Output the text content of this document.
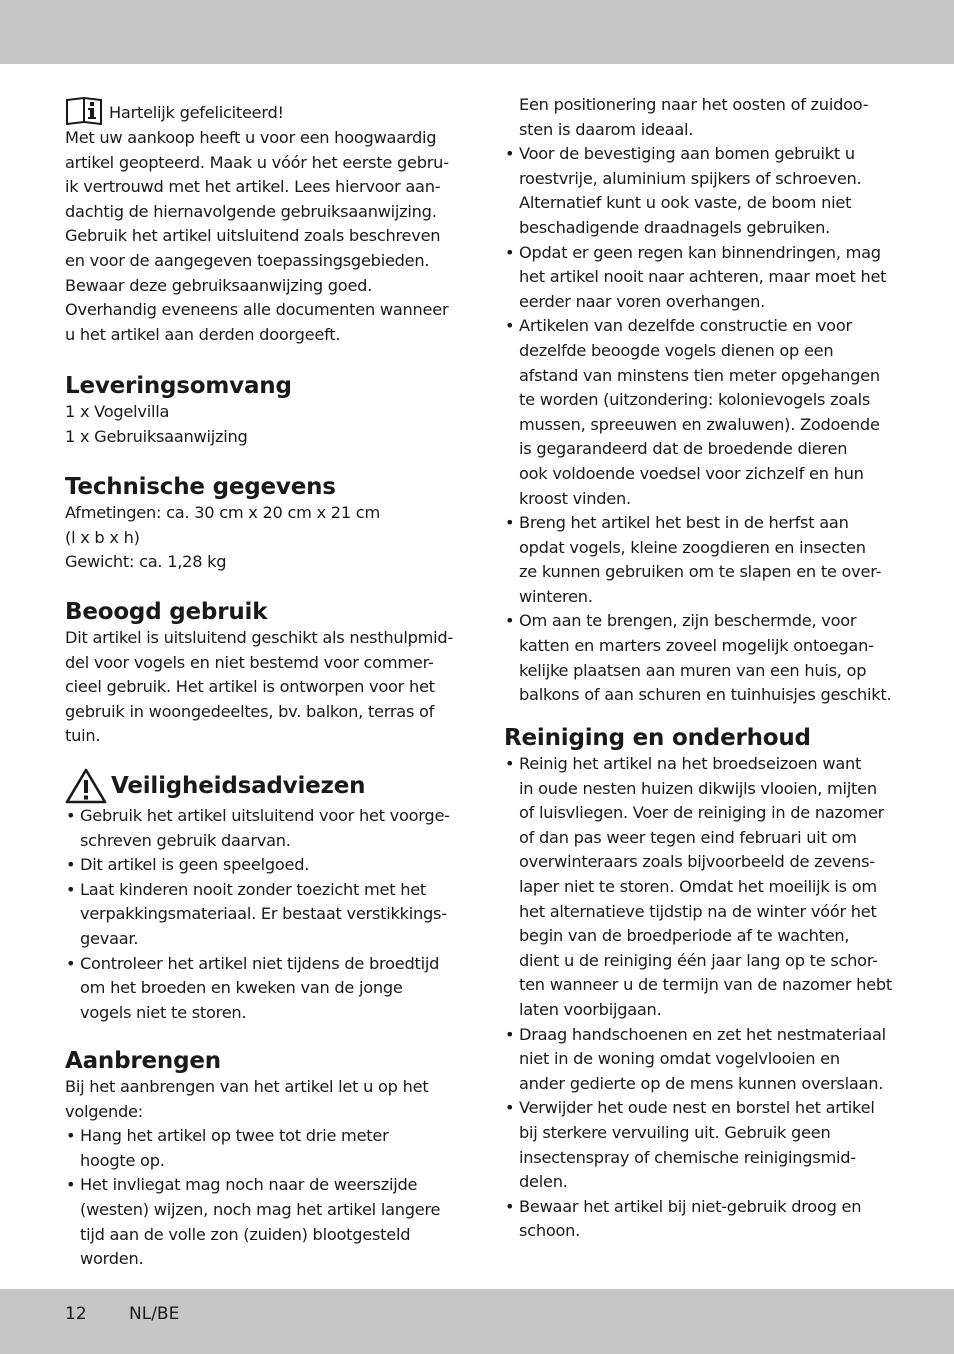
Hartelijk gefeliciteerd!
Met uw aankoop heeft u voor een hoogwaardig
artikel geopteerd. Maak u vóór het eerste gebru-
ik vertrouwd met het artikel. Lees hiervoor aan-
dachtig de hiernavolgende gebruiksaanwijzing.
Gebruik het artikel uitsluitend zoals beschreven
en voor de aangegeven toepassingsgebieden.
Bewaar deze gebruiksaanwijzing goed.
Overhandig eveneens alle documenten wanneer
u het artikel aan derden doorgeeft.
Leveringsomvang
1 x Vogelvilla
1 x Gebruiksaanwijzing
Technische gegevens
Afmetingen: ca. 30 cm x 20 cm x 21 cm
(l x b x h)
Gewicht: ca. 1,28 kg
Beoogd gebruik
Dit artikel is uitsluitend geschikt als nesthulpmid-
del voor vogels en niet bestemd voor commer-
cieel gebruik. Het artikel is ontworpen voor het
gebruik in woongedeeltes, bv. balkon, terras of
tuin.
Veiligheidsadviezen
• Gebruik het artikel uitsluitend voor het voorge-
schreven gebruik daarvan.
• Dit artikel is geen speelgoed.
• Laat kinderen nooit zonder toezicht met het
verpakkingsmateriaal. Er bestaat verstikkings-
gevaar.
• Controleer het artikel niet tijdens de broedtijd
om het broeden en kweken van de jonge
vogels niet te storen.
Aanbrengen
Bij het aanbrengen van het artikel let u op het
volgende:
• Hang het artikel op twee tot drie meter
hoogte op.
• Het invliegat mag noch naar de weerszijde
(westen) wijzen, noch mag het artikel langere
tijd aan de volle zon (zuiden) blootgesteld
worden.
Een positionering naar het oosten of zuidoo-
sten is daarom ideaal.
• Voor de bevestiging aan bomen gebruikt u
roestvrije, aluminium spijkers of schroeven.
Alternatief kunt u ook vaste, de boom niet
beschadigende draadnagels gebruiken.
• Opdat er geen regen kan binnendringen, mag
het artikel nooit naar achteren, maar moet het
eerder naar voren overhangen.
• Artikelen van dezelfde constructie en voor
dezelfde beoogde vogels dienen op een
afstand van minstens tien meter opgehangen
te worden (uitzondering: kolonievogels zoals
mussen, spreeuwen en zwaluwen). Zodoende
is gegarandeerd dat de broedende dieren
ook voldoende voedsel voor zichzelf en hun
kroost vinden.
• Breng het artikel het best in de herfst aan
opdat vogels, kleine zoogdieren en insecten
ze kunnen gebruiken om te slapen en te over-
winteren.
• Om aan te brengen, zijn beschermde, voor
katten en marters zoveel mogelijk ontoegan-
kelijke plaatsen aan muren van een huis, op
balkons of aan schuren en tuinhuisjes geschikt.
Reiniging en onderhoud
• Reinig het artikel na het broedseizoen want
in oude nesten huizen dikwijls vlooien, mijten
of luisvliegen. Voer de reiniging in de nazomer
of dan pas weer tegen eind februari uit om
overwinteraars zoals bijvoorbeeld de zevens-
laper niet te storen. Omdat het moeilijk is om
het alternatieve tijdstip na de winter vóór het
begin van de broedperiode af te wachten,
dient u de reiniging één jaar lang op te schor-
ten wanneer u de termijn van de nazomer hebt
laten voorbijgaan.
• Draag handschoenen en zet het nestmateriaal
niet in de woning omdat vogelvlooien en
ander gedierte op de mens kunnen overslaan.
• Verwijder het oude nest en borstel het artikel
bij sterkere vervuiling uit. Gebruik geen
insectenspray of chemische reinigingsmid-
delen.
• Bewaar het artikel bij niet-gebruik droog en
schoon.
12 NL/BE
